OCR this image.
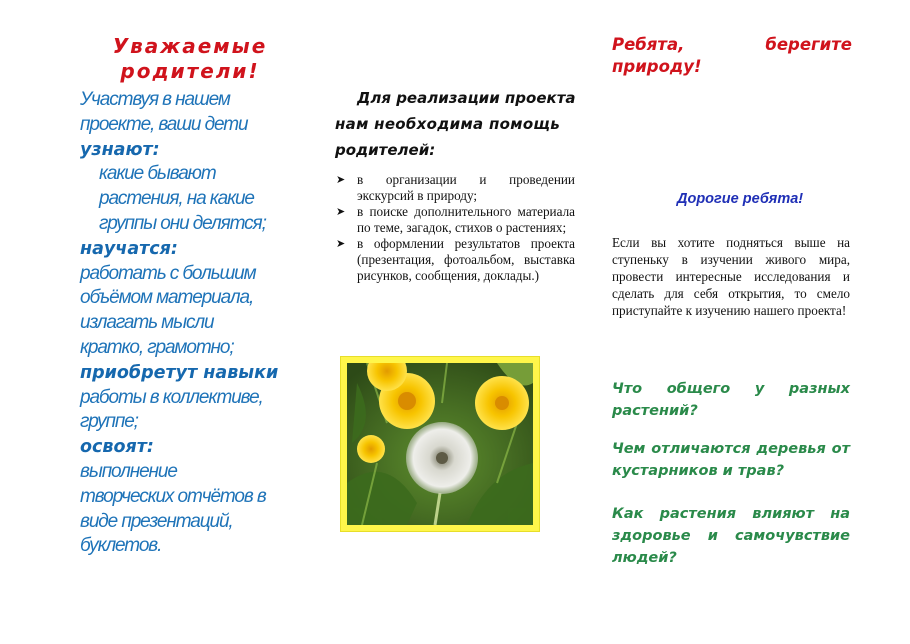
Уважаемые
родители!
Участвуя в нашем
проекте, ваши дети
узнают:
какие бывают
растения, на какие
группы они делятся;
научатся:
работать с большим
объёмом материала,
излагать мысли
кратко, грамотно;
приобретут навыки
работы в коллективе,
группе;
освоят:
выполнение
творческих отчётов в
виде презентаций,
буклетов.
Для реализации проекта
нам необходима помощь
родителей:
➤ в организации и проведении экскурсий в природу;
➤ в поиске дополнительного материала по теме, загадок, стихов о растениях;
➤ в оформлении результатов проекта (презентация, фотоальбом, выставка рисунков, сообщения, доклады.)
Ребята,	берегите
природу!
Дорогие ребята!
Если вы хотите подняться выше на ступеньку в изучении живого мира, провести интересные исследования и сделать для себя открытия, то смело приступайте к изучению нашего проекта!
Что общего у разных растений?
Чем отличаются деревья от кустарников и трав?
Как растения влияют на здоровье и самочувствие людей?
